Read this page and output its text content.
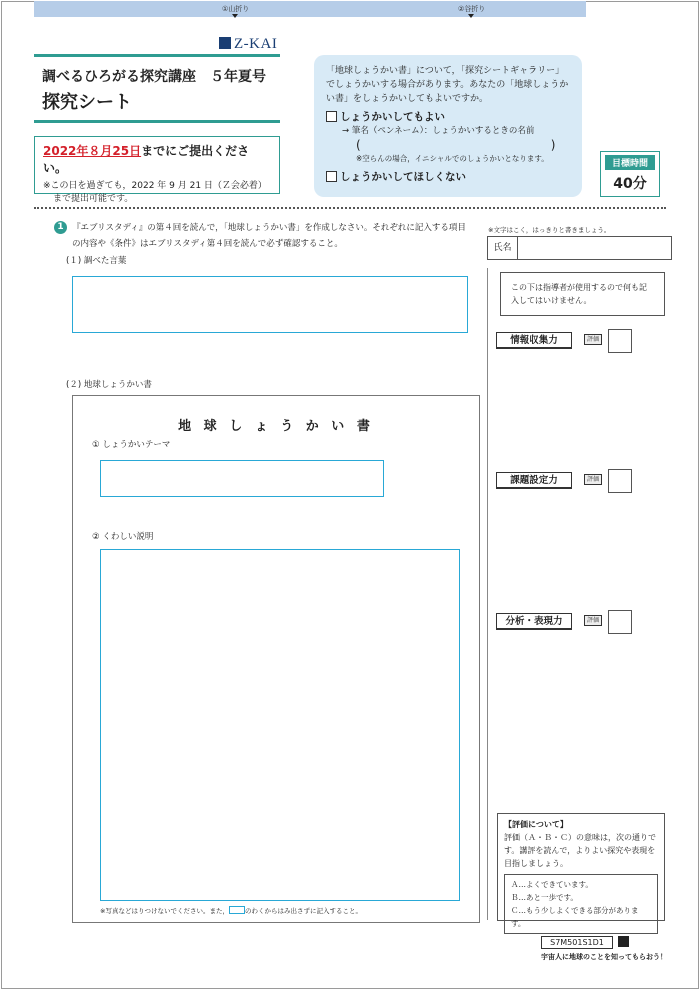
①山折り	②谷折り
Z-KAI
調べるひろがる探究講座　５年夏号
探究シート
2022年８月25日までにご提出ください。
※この日を過ぎても，2022 年 9 月 21 日（Ｚ会必着）
まで提出可能です。
「地球しょうかい書」について，「探究シートギャラリー」でしょうかいする場合があります。あなたの「地球しょうかい書」をしょうかいしてもよいですか。
しょうかいしてもよい
→ 筆名（ペンネーム）：しょうかいするときの名前
(	)
※空らんの場合，イニシャルでのしょうかいとなります。
しょうかいしてほしくない
目標時間
40分
1 『エブリスタディ』の第４回を読んで，「地球しょうかい書」を作成しなさい。それぞれに記入する項目の内容や《条件》はエブリスタディ第４回を読んで必ず確認すること。
(１) 調べた言葉
(２) 地球しょうかい書
地 球 し ょ う か い 書
① しょうかいテーマ
② くわしい説明
※写真などはりつけないでください。また， のわくからはみ出さずに記入すること。
※文字はこく，はっきりと書きましょう。
氏名
この下は指導者が使用するので何も記入してはいけません。
情報収集力	評価
課題設定力	評価
分析・表現力	評価
【評価について】
評価（Ａ・Ｂ・Ｃ）の意味は，次の通りです。講評を読んで，よりよい探究や表現を目指しましょう。
Ａ…よくできています。
Ｂ…あと一歩です。
Ｃ…もう少しよくできる部分があります。
S7M501S1D1
宇宙人に地球のことを知ってもらおう！
